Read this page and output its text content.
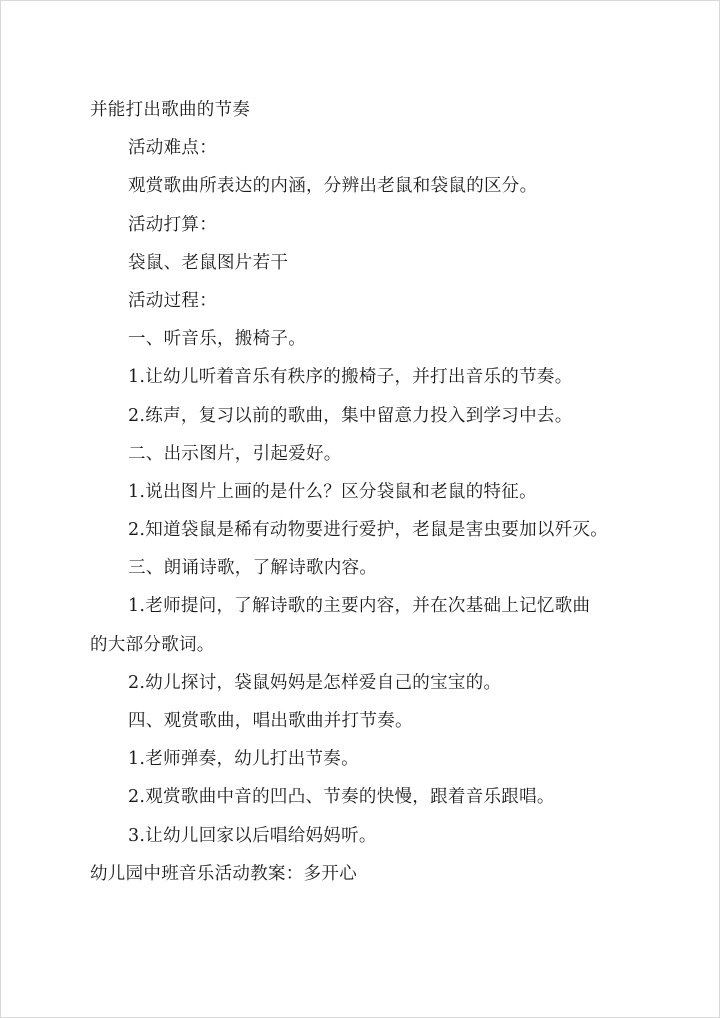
并能打出歌曲的节奏
活动难点：
观赏歌曲所表达的内涵，分辨出老鼠和袋鼠的区分。
活动打算：
袋鼠、老鼠图片若干
活动过程：
一、听音乐，搬椅子。
1.让幼儿听着音乐有秩序的搬椅子，并打出音乐的节奏。
2.练声，复习以前的歌曲，集中留意力投入到学习中去。
二、出示图片，引起爱好。
1.说出图片上画的是什么？区分袋鼠和老鼠的特征。
2.知道袋鼠是稀有动物要进行爱护，老鼠是害虫要加以歼灭。
三、朗诵诗歌，了解诗歌内容。
1.老师提问，了解诗歌的主要内容，并在次基础上记忆歌曲
的大部分歌词。
2.幼儿探讨，袋鼠妈妈是怎样爱自己的宝宝的。
四、观赏歌曲，唱出歌曲并打节奏。
1.老师弹奏，幼儿打出节奏。
2.观赏歌曲中音的凹凸、节奏的快慢，跟着音乐跟唱。
3.让幼儿回家以后唱给妈妈听。
幼儿园中班音乐活动教案：多开心
